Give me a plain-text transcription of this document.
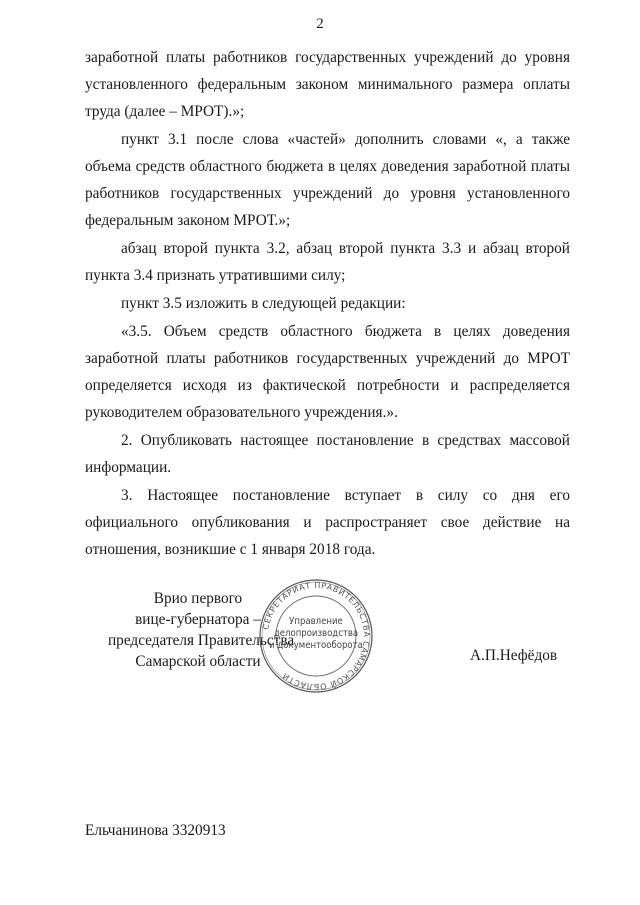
2

заработной платы работников государственных учреждений до уровня установленного федеральным законом минимального размера оплаты труда (далее – МРОТ).»;

пункт 3.1 после слова «частей» дополнить словами «, а также объема средств областного бюджета в целях доведения заработной платы работников государственных учреждений до уровня установленного федеральным законом МРОТ.»;

абзац второй пункта 3.2, абзац второй пункта 3.3 и абзац второй пункта 3.4 признать утратившими силу;

пункт 3.5 изложить в следующей редакции:

«3.5. Объем средств областного бюджета в целях доведения заработной платы работников государственных учреждений до МРОТ определяется исходя из фактической потребности и распределяется руководителем образовательного учреждения.».

2. Опубликовать настоящее постановление в средствах массовой информации.

3. Настоящее постановление вступает в силу со дня его официального опубликования и распространяет свое действие на отношения, возникшие с 1 января 2018 года.

Врио первого
вице-губернатора –
председателя Правительства
Самарской области
СЕКРЕТАРИАТ ПРАВИТЕЛЬСТВА САМАРСКОЙ ОБЛАСТИ
Управление
делопроизводства
и документооборота
А.П.Нефёдов
Ельчанинова 3320913
